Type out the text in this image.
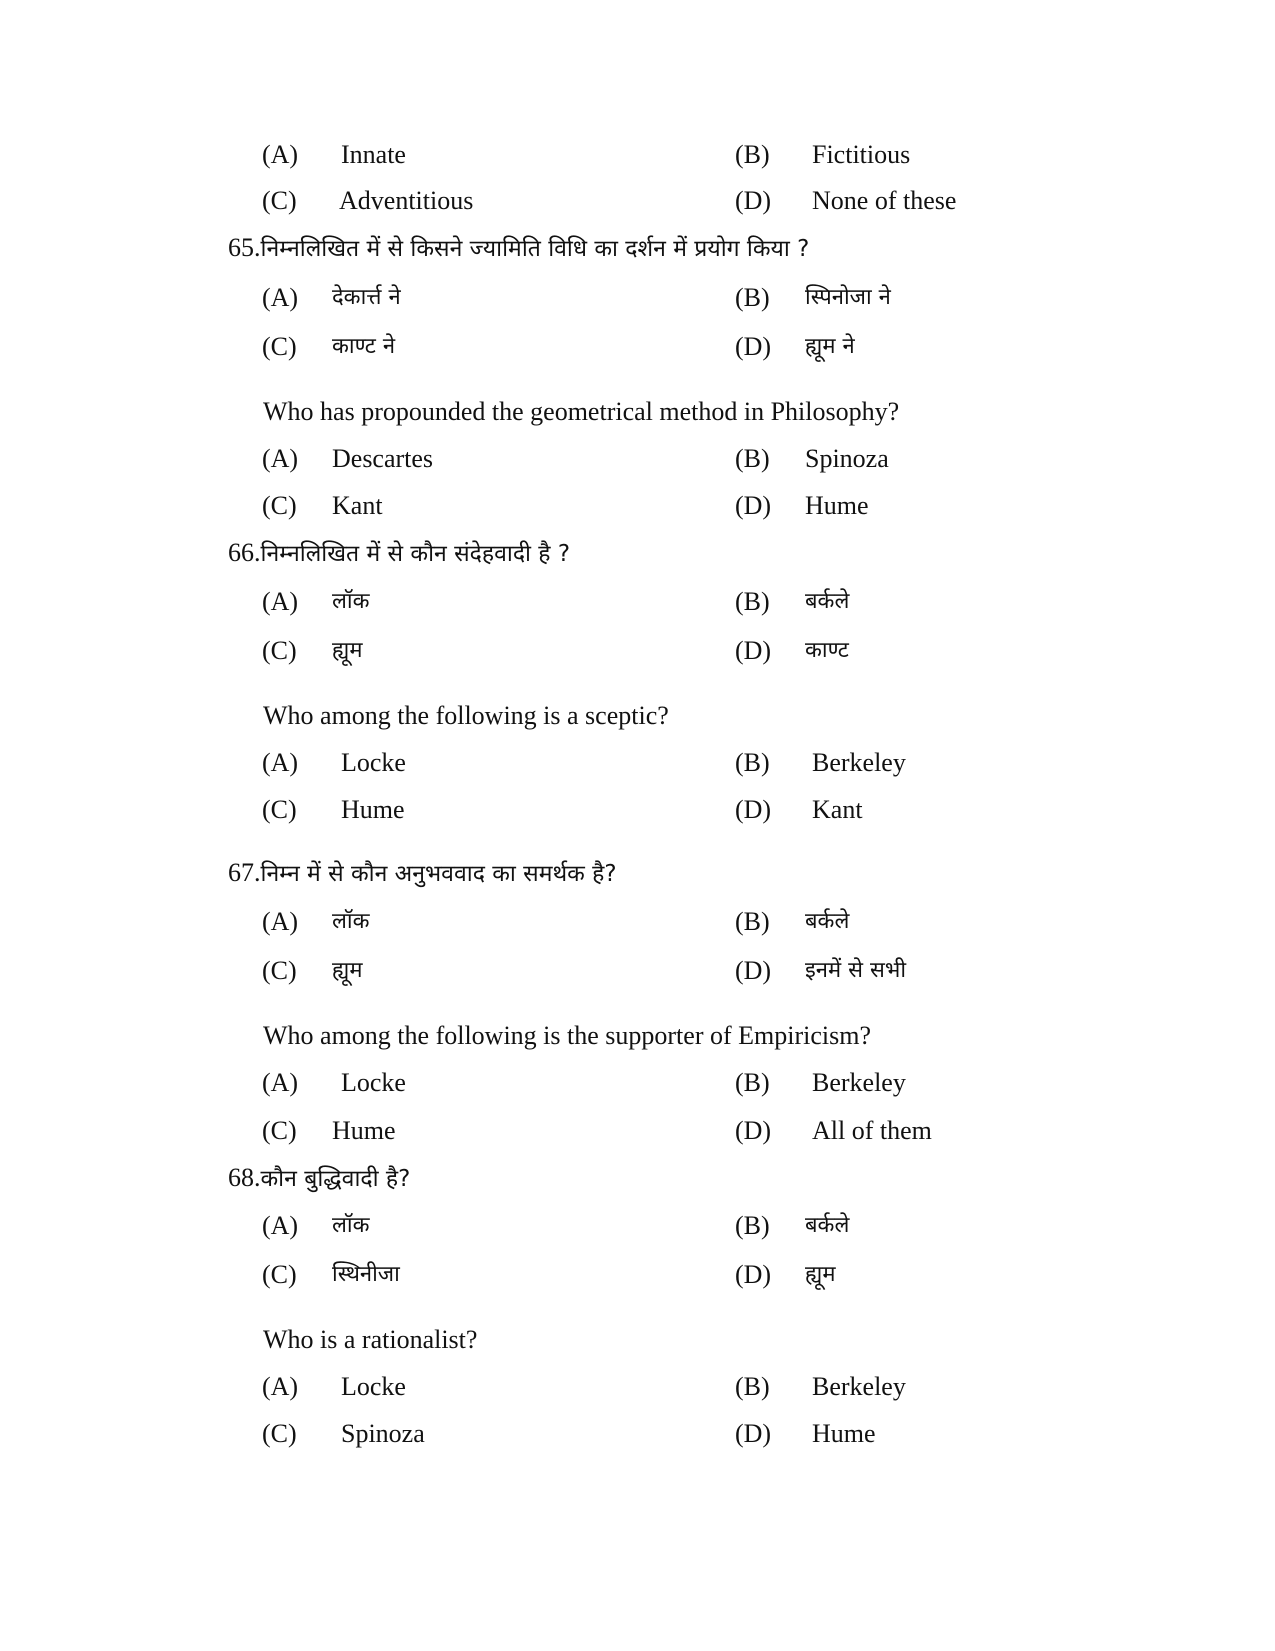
(A) Innate	(B) Fictitious
(C) Adventitious	(D) None of these
65.निम्नलिखित में से किसने ज्यामिति विधि का दर्शन में प्रयोग किया ?
(A) देकार्त्त ने	(B) स्पिनोजा ने
(C) काण्ट ने	(D) ह्यूम ने
Who has propounded the geometrical method in Philosophy?
(A) Descartes	(B) Spinoza
(C) Kant	(D) Hume
66.निम्नलिखित में से कौन संदेहवादी है ?
(A) लॉक	(B) बर्कले
(C) ह्यूम	(D) काण्ट
Who among the following is a sceptic?
(A) Locke	(B) Berkeley
(C) Hume	(D) Kant
67.निम्न में से कौन अनुभववाद का समर्थक है?
(A) लॉक	(B) बर्कले
(C) ह्यूम	(D) इनमें से सभी
Who among the following is the supporter of Empiricism?
(A) Locke	(B) Berkeley
(C) Hume	(D) All of them
68.कौन बुद्धिवादी है?
(A) लॉक	(B) बर्कले
(C) स्थिनीजा	(D) ह्यूम
Who is a rationalist?
(A) Locke	(B) Berkeley
(C) Spinoza	(D) Hume
